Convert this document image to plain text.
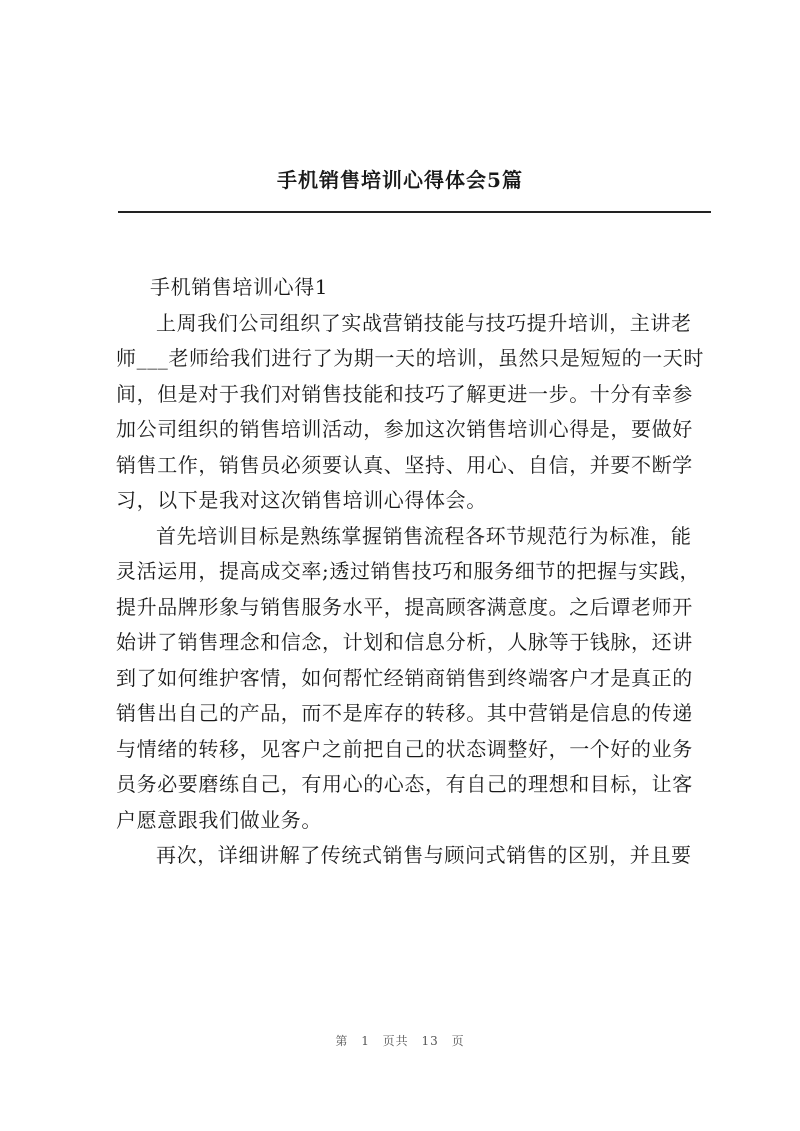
手机销售培训心得体会5篇

手机销售培训心得1

上周我们公司组织了实战营销技能与技巧提升培训，主讲老师___老师给我们进行了为期一天的培训，虽然只是短短的一天时间，但是对于我们对销售技能和技巧了解更进一步。十分有幸参加公司组织的销售培训活动，参加这次销售培训心得是，要做好销售工作，销售员必须要认真、坚持、用心、自信，并要不断学习，以下是我对这次销售培训心得体会。

首先培训目标是熟练掌握销售流程各环节规范行为标准，能灵活运用，提高成交率;透过销售技巧和服务细节的把握与实践，提升品牌形象与销售服务水平，提高顾客满意度。之后谭老师开始讲了销售理念和信念，计划和信息分析，人脉等于钱脉，还讲到了如何维护客情，如何帮忙经销商销售到终端客户才是真正的销售出自己的产品，而不是库存的转移。其中营销是信息的传递与情绪的转移，见客户之前把自己的状态调整好，一个好的业务员务必要磨练自己，有用心的心态，有自己的理想和目标，让客户愿意跟我们做业务。

再次，详细讲解了传统式销售与顾问式销售的区别，并且要

第 1 页共 13 页
